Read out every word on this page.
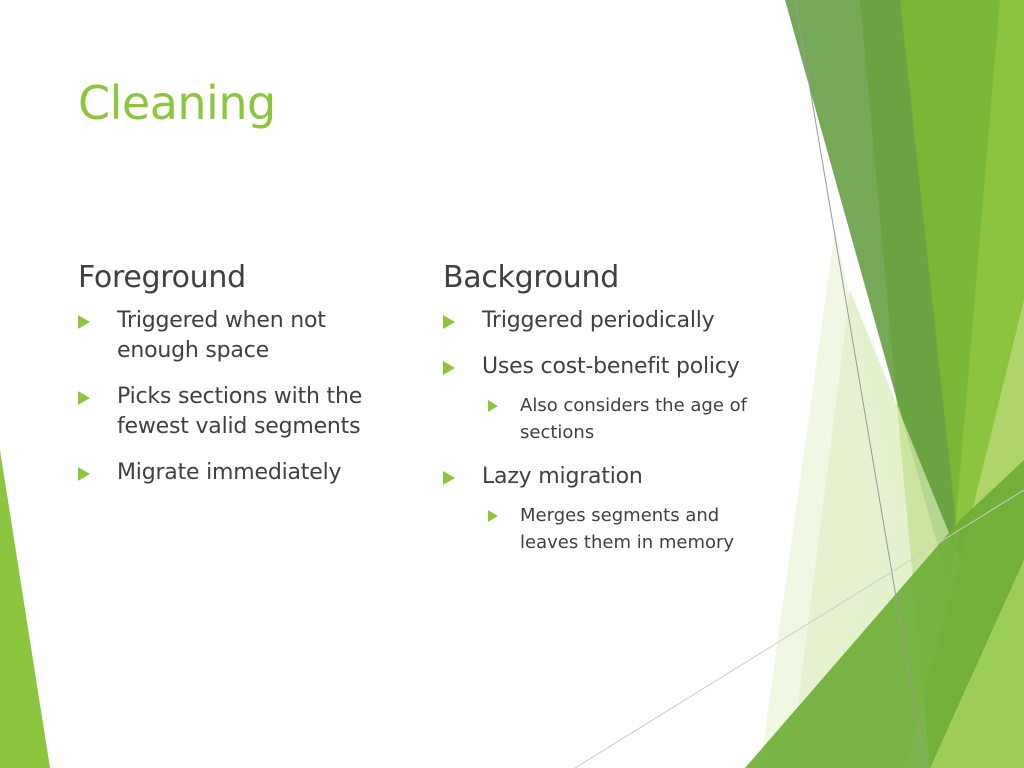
Cleaning
Foreground
Triggered when not enough space
Picks sections with the fewest valid segments
Migrate immediately
Background
Triggered periodically
Uses cost-benefit policy
Also considers the age of sections
Lazy migration
Merges segments and leaves them in memory
